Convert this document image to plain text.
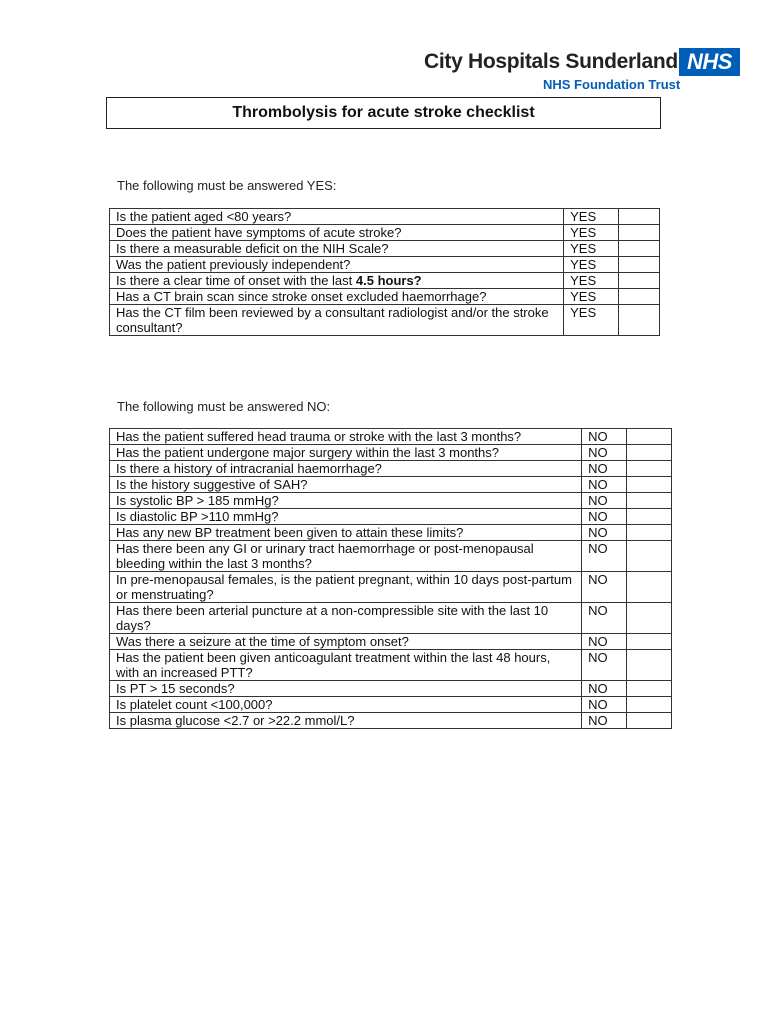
City Hospitals Sunderland NHS
NHS Foundation Trust
Thrombolysis for acute stroke checklist
The following must be answered YES:
Is the patient aged <80 years?	YES	
Does the patient have symptoms of acute stroke?	YES	
Is there a measurable deficit on the NIH Scale?	YES	
Was the patient previously independent?	YES	
Is there a clear time of onset with the last 4.5 hours?	YES	
Has a CT brain scan since stroke onset excluded haemorrhage?	YES	
Has the CT film been reviewed by a consultant radiologist and/or the stroke consultant?	YES	
The following must be answered NO:
Has the patient suffered head trauma or stroke with the last 3 months?	NO	
Has the patient undergone major surgery within the last 3 months?	NO	
Is there a history of intracranial haemorrhage?	NO	
Is the history suggestive of SAH?	NO	
Is systolic BP > 185 mmHg?	NO	
Is diastolic BP >110 mmHg?	NO	
Has any new BP treatment been given to attain these limits?	NO	
Has there been any GI or urinary tract haemorrhage or post-menopausal bleeding within the last 3 months?	NO	
In pre-menopausal females, is the patient pregnant, within 10 days post-partum or menstruating?	NO	
Has there been arterial puncture at a non-compressible site with the last 10 days?	NO	
Was there a seizure at the time of symptom onset?	NO	
Has the patient been given anticoagulant treatment within the last 48 hours, with an increased PTT?	NO	
Is PT > 15 seconds?	NO	
Is platelet count <100,000?	NO	
Is plasma glucose <2.7 or >22.2 mmol/L?	NO	
